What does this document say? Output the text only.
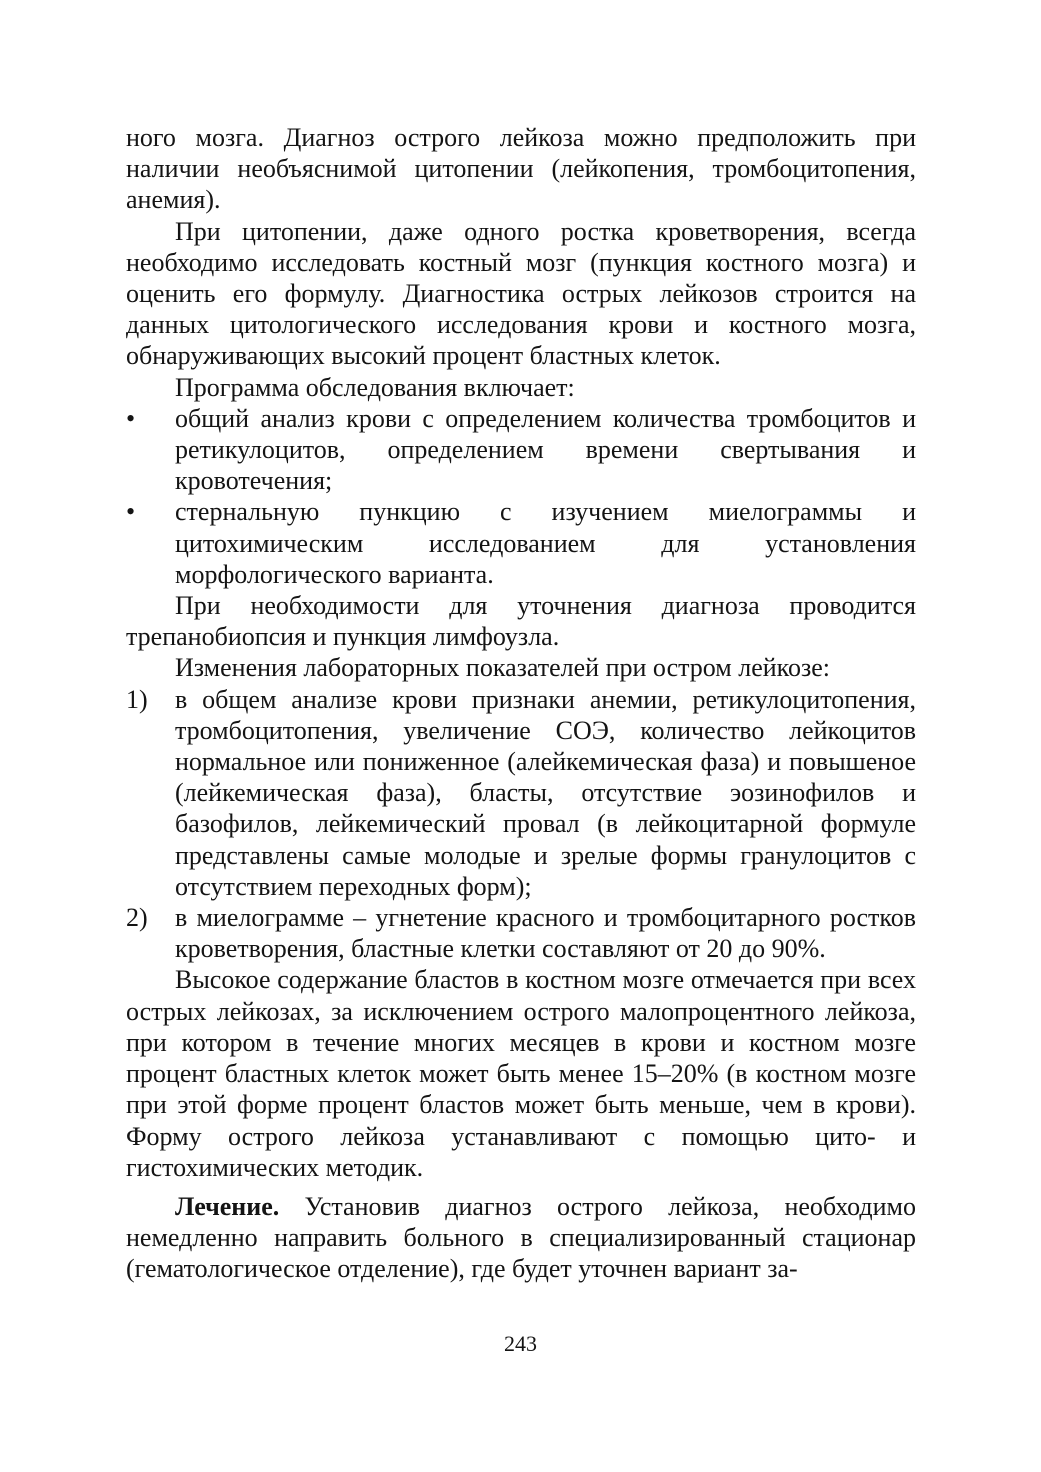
ного мозга. Диагноз острого лейкоза можно предположить при наличии необъяснимой цитопении (лейкопения, тромбоцитопения, анемия).

При цитопении, даже одного ростка кроветворения, всегда необходимо исследовать костный мозг (пункция костного мозга) и оценить его формулу. Диагностика острых лейкозов строится на данных цитологического исследования крови и костного мозга, обнаруживающих высокий процент бластных клеток.

Программа обследования включает:

•	общий анализ крови с определением количества тромбоцитов и ретикулоцитов, определением времени свертывания и кровотечения;
•	стернальную пункцию с изучением миелограммы и цитохимическим исследованием для установления морфологического варианта.

При необходимости для уточнения диагноза проводится трепанобиопсия и пункция лимфоузла.

Изменения лабораторных показателей при остром лейкозе:

1)	в общем анализе крови признаки анемии, ретикулоцитопения, тромбоцитопения, увеличение СОЭ, количество лейкоцитов нормальное или пониженное (алейкемическая фаза) и повышеное (лейкемическая фаза), бласты, отсутствие эозинофилов и базофилов, лейкемический провал (в лейкоцитарной формуле представлены самые молодые и зрелые формы гранулоцитов с отсутствием переходных форм);
2)	в миелограмме – угнетение красного и тромбоцитарного ростков кроветворения, бластные клетки составляют от 20 до 90%.

Высокое содержание бластов в костном мозге отмечается при всех острых лейкозах, за исключением острого малопроцентного лейкоза, при котором в течение многих месяцев в крови и костном мозге процент бластных клеток может быть менее 15–20% (в костном мозге при этой форме процент бластов может быть меньше, чем в крови). Форму острого лейкоза устанавливают с помощью цито- и гистохимических методик.

Лечение. Установив диагноз острого лейкоза, необходимо немедленно направить больного в специализированный стационар (гематологическое отделение), где будет уточнен вариант за-

243
